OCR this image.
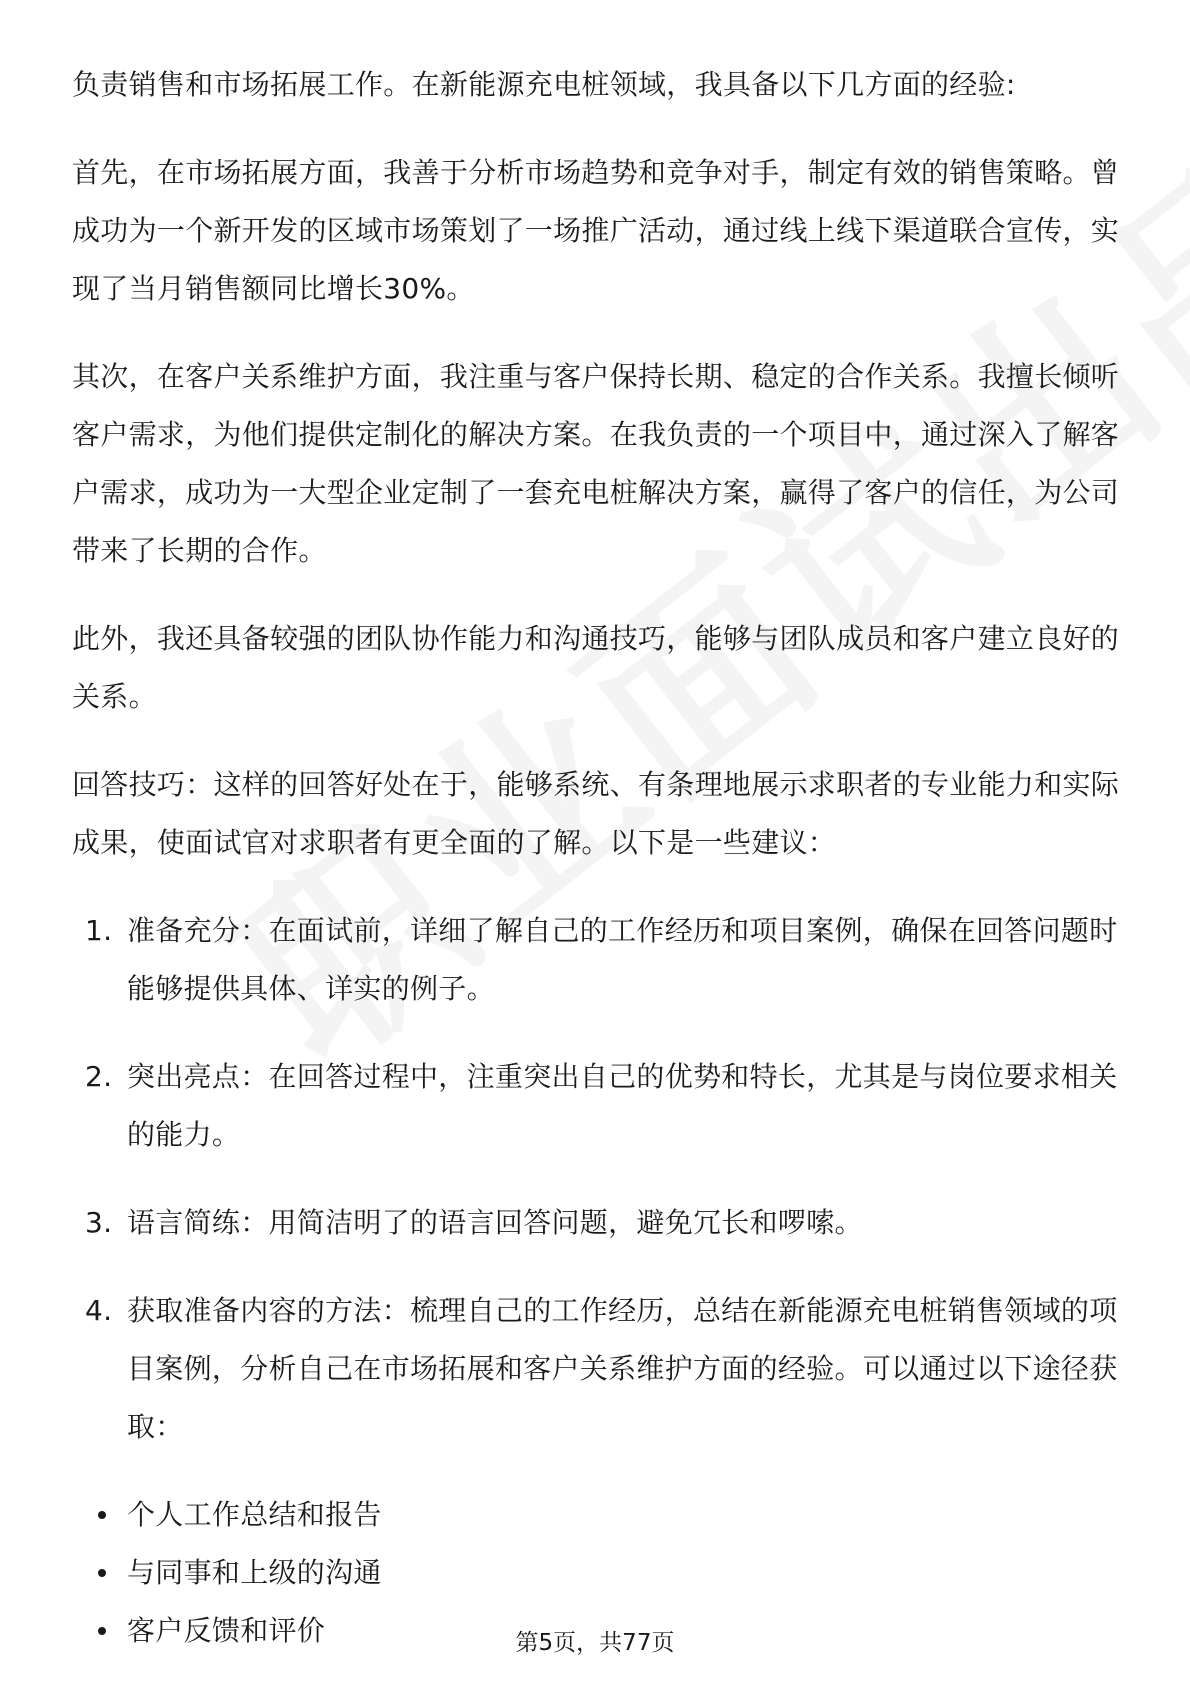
负责销售和市场拓展工作。在新能源充电桩领域，我具备以下几方面的经验:

首先，在市场拓展方面，我善于分析市场趋势和竞争对手，制定有效的销售策略。曾成功为一个新开发的区域市场策划了一场推广活动，通过线上线下渠道联合宣传，实现了当月销售额同比增长30%。

其次，在客户关系维护方面，我注重与客户保持长期、稳定的合作关系。我擅长倾听客户需求，为他们提供定制化的解决方案。在我负责的一个项目中，通过深入了解客户需求，成功为一大型企业定制了一套充电桩解决方案，赢得了客户的信任，为公司带来了长期的合作。

此外，我还具备较强的团队协作能力和沟通技巧，能够与团队成员和客户建立良好的关系。

回答技巧：这样的回答好处在于，能够系统、有条理地展示求职者的专业能力和实际成果，使面试官对求职者有更全面的了解。以下是一些建议：

1. 准备充分：在面试前，详细了解自己的工作经历和项目案例，确保在回答问题时能够提供具体、详实的例子。
2. 突出亮点：在回答过程中，注重突出自己的优势和特长，尤其是与岗位要求相关的能力。
3. 语言简练：用简洁明了的语言回答问题，避免冗长和啰嗦。
4. 获取准备内容的方法：梳理自己的工作经历，总结在新能源充电桩销售领域的项目案例，分析自己在市场拓展和客户关系维护方面的经验。可以通过以下途径获取：
个人工作总结和报告
与同事和上级的沟通
客户反馈和评价	第5页，共77页
